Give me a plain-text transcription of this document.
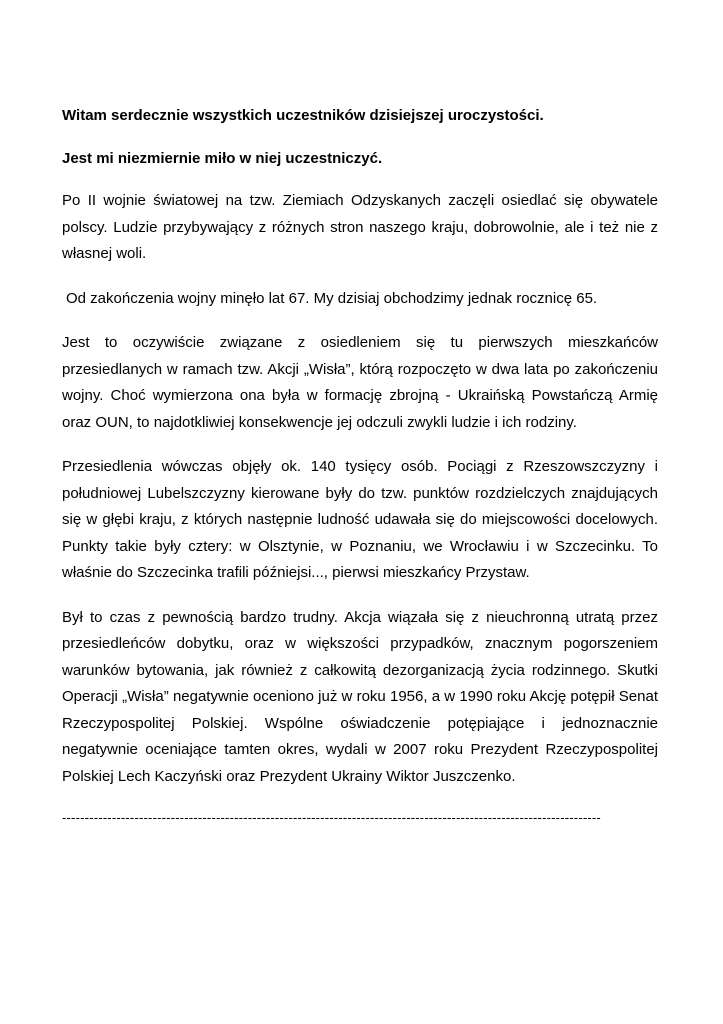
Witam serdecznie wszystkich uczestników dzisiejszej uroczystości.

Jest mi niezmiernie miło w niej uczestniczyć.

Po II wojnie światowej na tzw. Ziemiach Odzyskanych zaczęli osiedlać się obywatele polscy. Ludzie przybywający z różnych stron naszego kraju, dobrowolnie, ale i też nie z własnej woli.

Od zakończenia wojny minęło lat 67. My dzisiaj obchodzimy jednak rocznicę 65.

Jest to oczywiście związane z osiedleniem się tu pierwszych mieszkańców przesiedlanych w ramach tzw. Akcji „Wisła”, którą rozpoczęto w dwa lata po zakończeniu wojny. Choć wymierzona ona była w formację zbrojną - Ukraińską Powstańczą Armię oraz OUN, to najdotkliwiej konsekwencje jej odczuli zwykli ludzie i ich rodziny.

Przesiedlenia wówczas objęły ok. 140 tysięcy osób. Pociągi z Rzeszowszczyzny i południowej Lubelszczyzny kierowane były do tzw. punktów rozdzielczych znajdujących się w głębi kraju, z których następnie ludność udawała się do miejscowości docelowych. Punkty takie były cztery: w Olsztynie, w Poznaniu, we Wrocławiu i w Szczecinku. To właśnie do Szczecinka trafili późniejsi..., pierwsi mieszkańcy Przystaw.

Był to czas z pewnością bardzo trudny. Akcja wiązała się z nieuchronną utratą przez przesiedleńców dobytku, oraz w większości przypadków, znacznym pogorszeniem warunków bytowania, jak również z całkowitą dezorganizacją życia rodzinnego. Skutki Operacji „Wisła” negatywnie oceniono już w roku 1956, a w 1990 roku Akcję potępił Senat Rzeczypospolitej Polskiej. Wspólne oświadczenie potępiające i jednoznacznie negatywnie oceniające tamten okres, wydali w 2007 roku Prezydent Rzeczypospolitej Polskiej Lech Kaczyński oraz Prezydent Ukrainy Wiktor Juszczenko.

-----------------------------------------------------------------------------------------------------------------------
